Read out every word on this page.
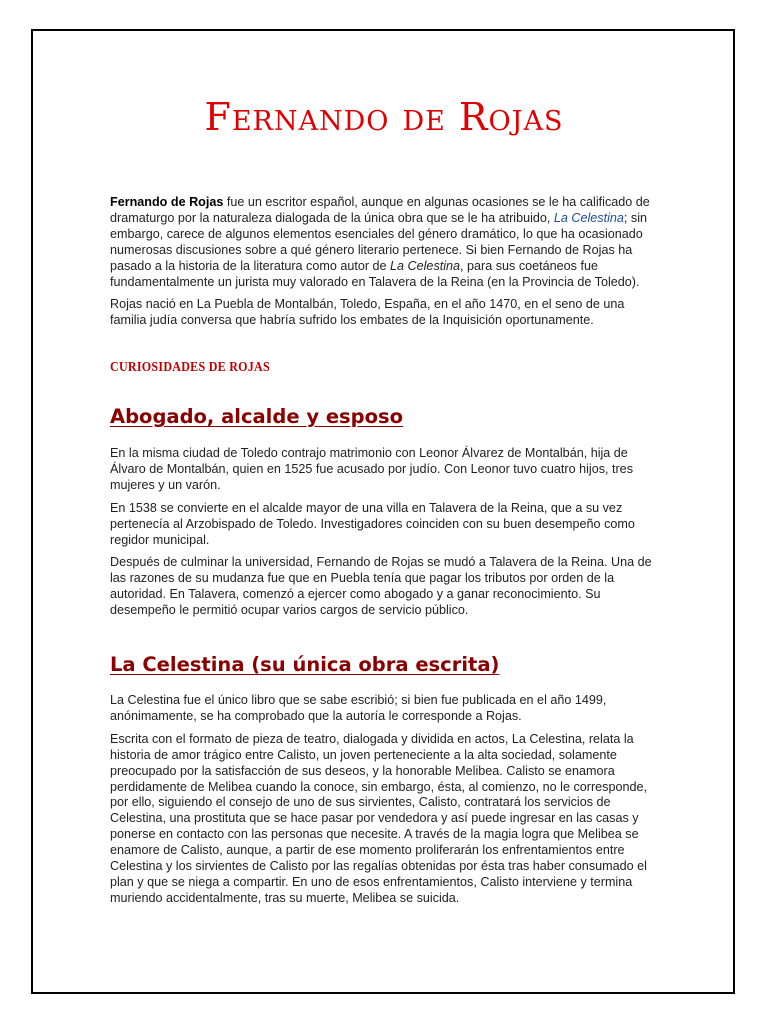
Fernando de Rojas

Fernando de Rojas fue un escritor español, aunque en algunas ocasiones se le ha calificado de dramaturgo por la naturaleza dialogada de la única obra que se le ha atribuido, La Celestina; sin embargo, carece de algunos elementos esenciales del género dramático, lo que ha ocasionado numerosas discusiones sobre a qué género literario pertenece. Si bien Fernando de Rojas ha pasado a la historia de la literatura como autor de La Celestina, para sus coetáneos fue fundamentalmente un jurista muy valorado en Talavera de la Reina (en la Provincia de Toledo).

Rojas nació en La Puebla de Montalbán, Toledo, España, en el año 1470, en el seno de una familia judía conversa que habría sufrido los embates de la Inquisición oportunamente.

CURIOSIDADES DE ROJAS
Abogado, alcalde y esposo

En la misma ciudad de Toledo contrajo matrimonio con Leonor Álvarez de Montalbán, hija de Álvaro de Montalbán, quien en 1525 fue acusado por judío. Con Leonor tuvo cuatro hijos, tres mujeres y un varón.

En 1538 se convierte en el alcalde mayor de una villa en Talavera de la Reina, que a su vez pertenecía al Arzobispado de Toledo. Investigadores coinciden con su buen desempeño como regidor municipal.

Después de culminar la universidad, Fernando de Rojas se mudó a Talavera de la Reina. Una de las razones de su mudanza fue que en Puebla tenía que pagar los tributos por orden de la autoridad. En Talavera, comenzó a ejercer como abogado y a ganar reconocimiento. Su desempeño le permitió ocupar varios cargos de servicio público.

La Celestina (su única obra escrita)

La Celestina fue el único libro que se sabe escribió; si bien fue publicada en el año 1499, anónimamente, se ha comprobado que la autoría le corresponde a Rojas.

Escrita con el formato de pieza de teatro, dialogada y dividida en actos, La Celestina, relata la historia de amor trágico entre Calisto, un joven perteneciente a la alta sociedad, solamente preocupado por la satisfacción de sus deseos, y la honorable Melibea. Calisto se enamora perdidamente de Melibea cuando la conoce, sin embargo, ésta, al comienzo, no le corresponde, por ello, siguiendo el consejo de uno de sus sirvientes, Calisto, contratará los servicios de Celestina, una prostituta que se hace pasar por vendedora y así puede ingresar en las casas y ponerse en contacto con las personas que necesite. A través de la magia logra que Melibea se enamore de Calisto, aunque, a partir de ese momento proliferarán los enfrentamientos entre Celestina y los sirvientes de Calisto por las regalías obtenidas por ésta tras haber consumado el plan y que se niega a compartir. En uno de esos enfrentamientos, Calisto interviene y termina muriendo accidentalmente, tras su muerte, Melibea se suicida.
